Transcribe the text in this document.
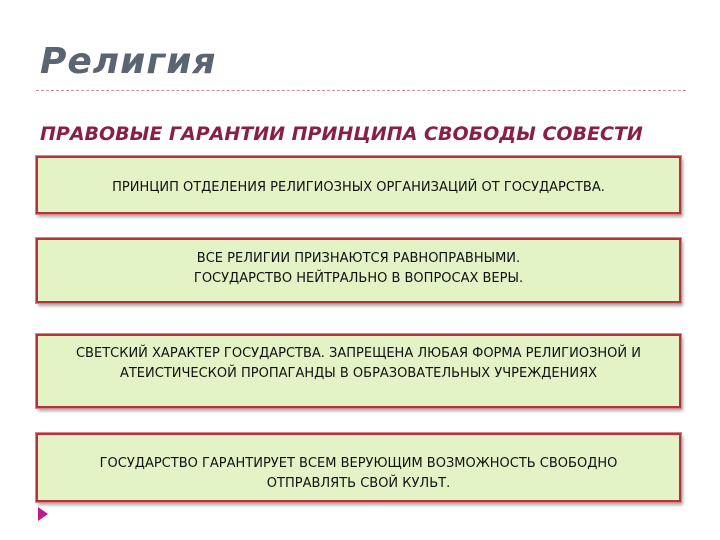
Религия
ПРАВОВЫЕ ГАРАНТИИ ПРИНЦИПА СВОБОДЫ СОВЕСТИ
ПРИНЦИП ОТДЕЛЕНИЯ РЕЛИГИОЗНЫХ ОРГАНИЗАЦИЙ ОТ ГОСУДАРСТВА.
ВСЕ РЕЛИГИИ ПРИЗНАЮТСЯ РАВНОПРАВНЫМИ.
ГОСУДАРСТВО НЕЙТРАЛЬНО В ВОПРОСАХ ВЕРЫ.
СВЕТСКИЙ ХАРАКТЕР ГОСУДАРСТВА. ЗАПРЕЩЕНА ЛЮБАЯ ФОРМА РЕЛИГИОЗНОЙ И АТЕИСТИЧЕСКОЙ ПРОПАГАНДЫ В ОБРАЗОВАТЕЛЬНЫХ УЧРЕЖДЕНИЯХ
ГОСУДАРСТВО ГАРАНТИРУЕТ ВСЕМ ВЕРУЮЩИМ ВОЗМОЖНОСТЬ СВОБОДНО ОТПРАВЛЯТЬ СВОЙ КУЛЬТ.
